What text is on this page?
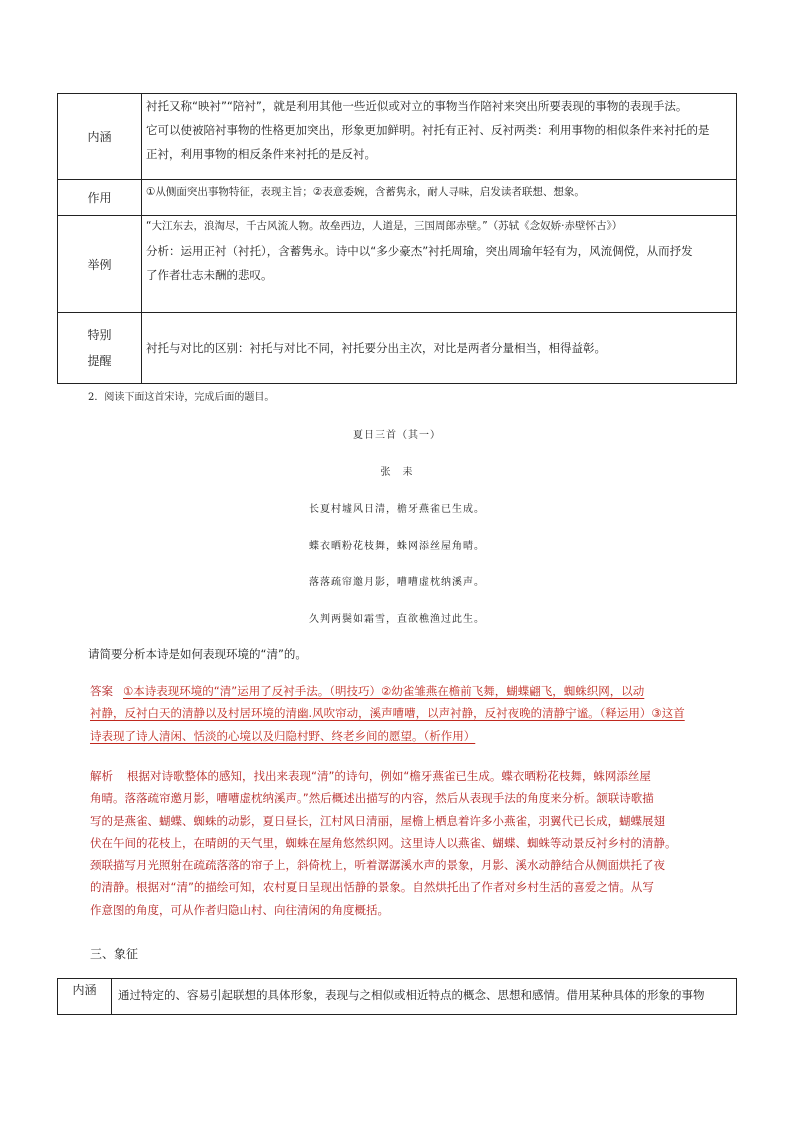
内涵	衬托又称“映衬”“陪衬”，就是利用其他一些近似或对立的事物当作陪衬来突出所要表现的事物的表现手法。
它可以使被陪衬事物的性格更加突出，形象更加鲜明。衬托有正衬、反衬两类：利用事物的相似条件来衬托的是
正衬，利用事物的相反条件来衬托的是反衬。

作用	①从侧面突出事物特征，表现主旨；②表意委婉，含蓄隽永，耐人寻味，启发读者联想、想象。

举例	“大江东去，浪淘尽，千古风流人物。故垒西边，人道是，三国周郎赤壁。”（苏轼《念奴娇·赤壁怀古》）
分析：运用正衬（衬托），含蓄隽永。诗中以“多少豪杰”衬托周瑜，突出周瑜年轻有为，风流倜傥，从而抒发
了作者壮志未酬的悲叹。

特别
提醒	衬托与对比的区别：衬托与对比不同，衬托要分出主次，对比是两者分量相当，相得益彰。
2．阅读下面这首宋诗，完成后面的题目。
夏日三首（其一）
张　耒
长夏村墟风日清，檐牙燕雀已生成。
蝶衣晒粉花枝舞，蛛网添丝屋角晴。
落落疏帘邀月影，嘈嘈虚枕纳溪声。
久判两鬓如霜雪，直欲樵渔过此生。
请简要分析本诗是如何表现环境的“清”的。
答案 ①本诗表现环境的“清”运用了反衬手法。（明技巧）②幼雀雏燕在檐前飞舞，蝴蝶翩飞，蜘蛛织网，以动
衬静，反衬白天的清静以及村居环境的清幽.风吹帘动，溪声嘈嘈，以声衬静，反衬夜晚的清静宁谧。（释运用）③这首
诗表现了诗人清闲、恬淡的心境以及归隐村野、终老乡间的愿望。（析作用）
解析 根据对诗歌整体的感知，找出来表现“清”的诗句，例如“檐牙燕雀已生成。蝶衣晒粉花枝舞，蛛网添丝屋
角晴。落落疏帘邀月影，嘈嘈虚枕纳溪声。”然后概述出描写的内容，然后从表现手法的角度来分析。颔联诗歌描
写的是燕雀、蝴蝶、蜘蛛的动影，夏日昼长，江村风日清丽，屋檐上栖息着许多小燕雀，羽翼代已长成，蝴蝶展翅
伏在午间的花枝上，在晴朗的天气里，蜘蛛在屋角悠然织网。这里诗人以燕雀、蝴蝶、蜘蛛等动景反衬乡村的清静。
颈联描写月光照射在疏疏落落的帘子上，斜倚枕上，听着潺潺溪水声的景象，月影、溪水动静结合从侧面烘托了夜
的清静。根据对“清”的描绘可知，农村夏日呈现出恬静的景象。自然烘托出了作者对乡村生活的喜爱之情。从写
作意图的角度，可从作者归隐山村、向往清闲的角度概括。
三、象征
内涵	通过特定的、容易引起联想的具体形象，表现与之相似或相近特点的概念、思想和感情。借用某种具体的形象的事物
